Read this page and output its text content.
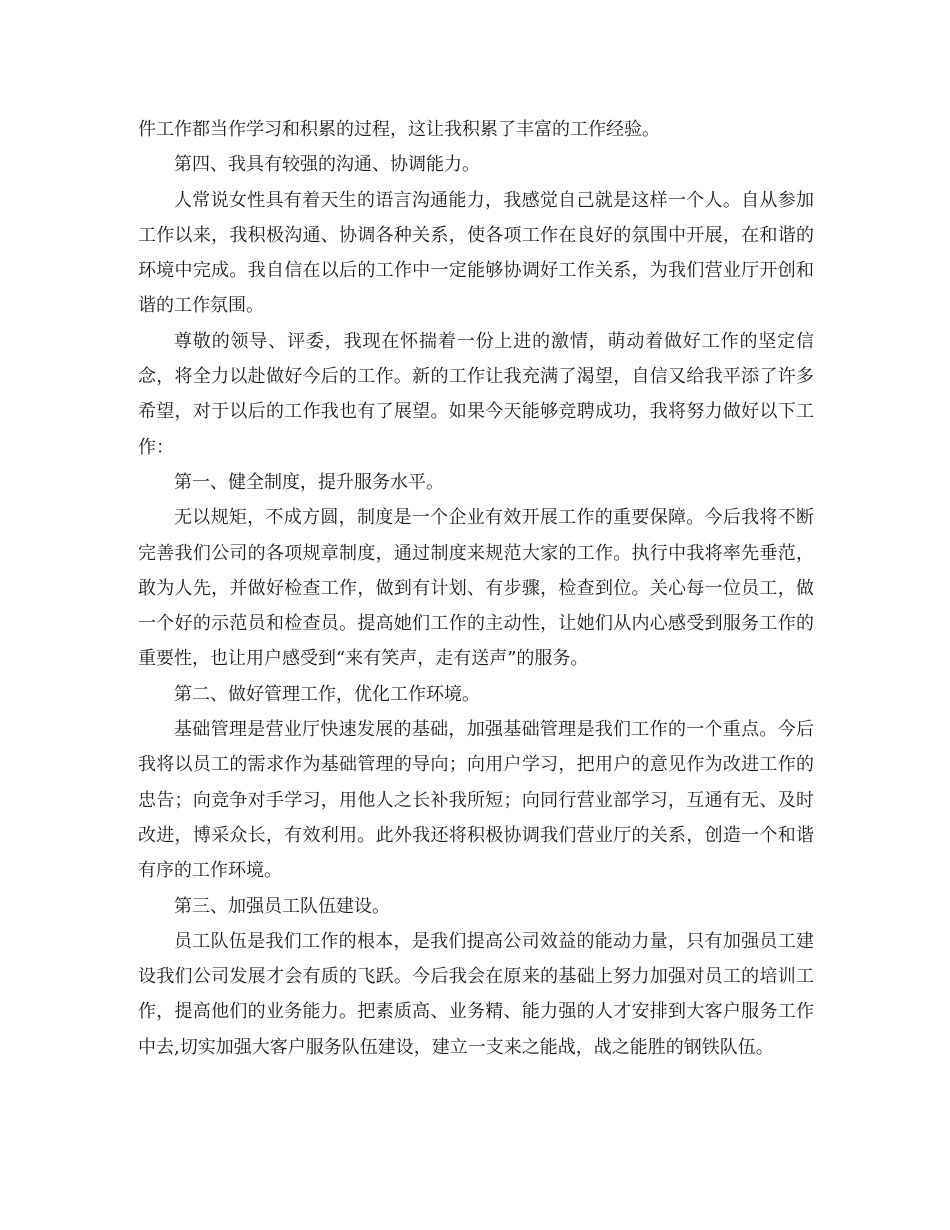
件工作都当作学习和积累的过程，这让我积累了丰富的工作经验。

第四、我具有较强的沟通、协调能力。

人常说女性具有着天生的语言沟通能力，我感觉自己就是这样一个人。自从参加工作以来，我积极沟通、协调各种关系，使各项工作在良好的氛围中开展，在和谐的环境中完成。我自信在以后的工作中一定能够协调好工作关系，为我们营业厅开创和谐的工作氛围。

尊敬的领导、评委，我现在怀揣着一份上进的激情，萌动着做好工作的坚定信念，将全力以赴做好今后的工作。新的工作让我充满了渴望，自信又给我平添了许多希望，对于以后的工作我也有了展望。如果今天能够竞聘成功，我将努力做好以下工作：

第一、健全制度，提升服务水平。

无以规矩，不成方圆，制度是一个企业有效开展工作的重要保障。今后我将不断完善我们公司的各项规章制度，通过制度来规范大家的工作。执行中我将率先垂范，敢为人先，并做好检查工作，做到有计划、有步骤，检查到位。关心每一位员工，做一个好的示范员和检查员。提高她们工作的主动性，让她们从内心感受到服务工作的重要性，也让用户感受到“来有笑声，走有送声”的服务。

第二、做好管理工作，优化工作环境。

基础管理是营业厅快速发展的基础，加强基础管理是我们工作的一个重点。今后我将以员工的需求作为基础管理的导向；向用户学习，把用户的意见作为改进工作的忠告；向竞争对手学习，用他人之长补我所短；向同行营业部学习，互通有无、及时改进，博采众长，有效利用。此外我还将积极协调我们营业厅的关系，创造一个和谐有序的工作环境。

第三、加强员工队伍建设。

员工队伍是我们工作的根本，是我们提高公司效益的能动力量，只有加强员工建设我们公司发展才会有质的飞跃。今后我会在原来的基础上努力加强对员工的培训工作，提高他们的业务能力。把素质高、业务精、能力强的人才安排到大客户服务工作中去,切实加强大客户服务队伍建设，建立一支来之能战，战之能胜的钢铁队伍。
